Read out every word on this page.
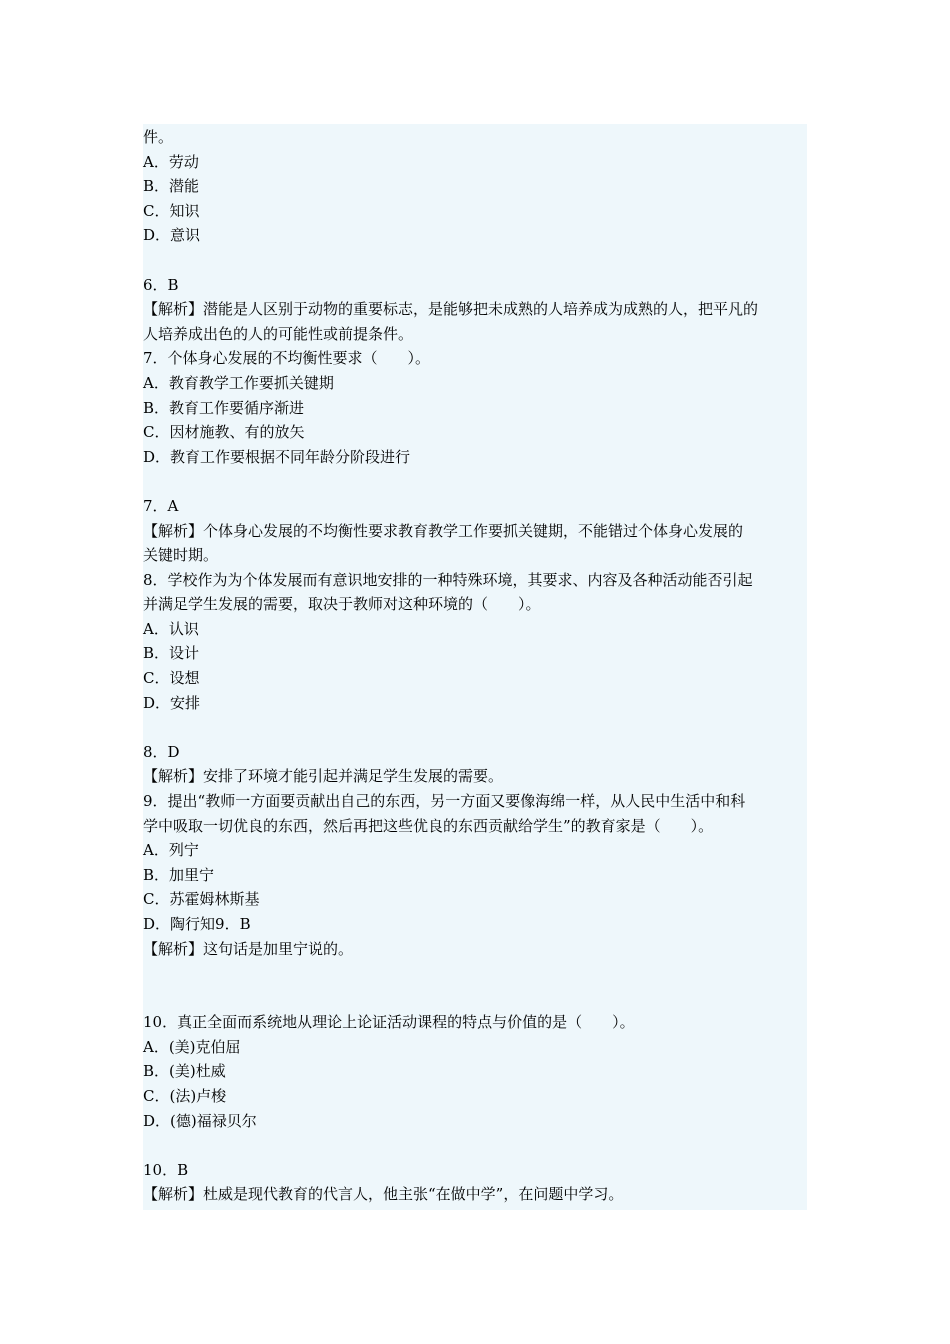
件。
A．劳动
B．潜能
C．知识
D．意识
6．B
【解析】潜能是人区别于动物的重要标志，是能够把未成熟的人培养成为成熟的人，把平凡的
人培养成出色的人的可能性或前提条件。
7．个体身心发展的不均衡性要求（　　）。
A．教育教学工作要抓关键期
B．教育工作要循序渐进
C．因材施教、有的放矢
D．教育工作要根据不同年龄分阶段进行
7．A
【解析】个体身心发展的不均衡性要求教育教学工作要抓关键期，不能错过个体身心发展的
关键时期。
8．学校作为为个体发展而有意识地安排的一种特殊环境，其要求、内容及各种活动能否引起
并满足学生发展的需要，取决于教师对这种环境的（　　）。
A．认识
B．设计
C．设想
D．安排
8．D
【解析】安排了环境才能引起并满足学生发展的需要。
9．提出“教师一方面要贡献出自己的东西，另一方面又要像海绵一样，从人民中生活中和科
学中吸取一切优良的东西，然后再把这些优良的东西贡献给学生”的教育家是（　　）。
A．列宁
B．加里宁
C．苏霍姆林斯基
D．陶行知9．B
【解析】这句话是加里宁说的。
10．真正全面而系统地从理论上论证活动课程的特点与价值的是（　　）。
A．(美)克伯屈
B．(美)杜威
C．(法)卢梭
D．(德)福禄贝尔
10．B
【解析】杜威是现代教育的代言人，他主张“在做中学”，在问题中学习。
